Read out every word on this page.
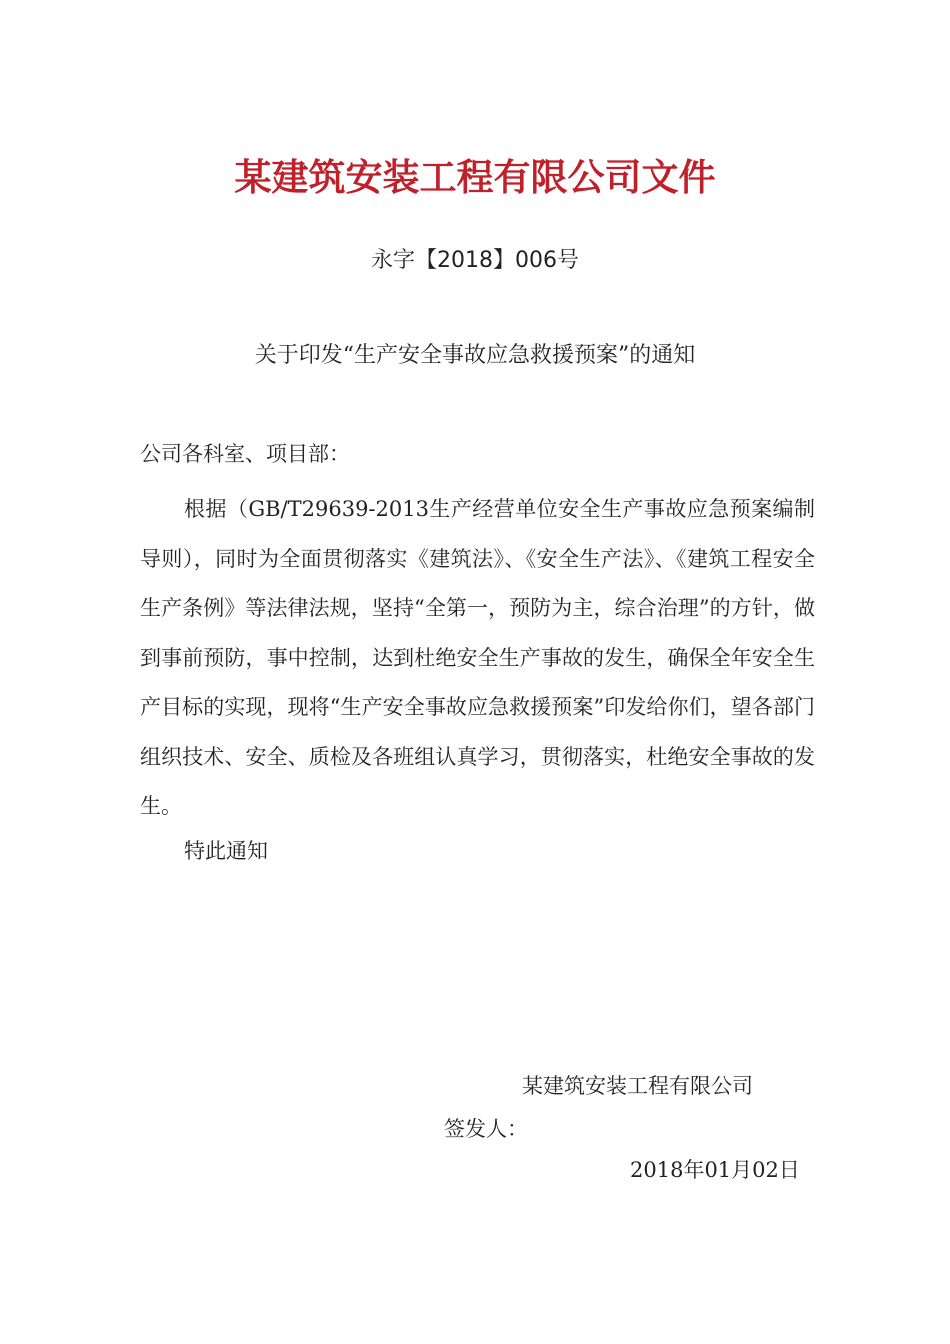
某建筑安装工程有限公司文件
永字【2018】006号
关于印发“生产安全事故应急救援预案”的通知
公司各科室、项目部：

根据（GB/T29639-2013生产经营单位安全生产事故应急预案编制导则），同时为全面贯彻落实《建筑法》、《安全生产法》、《建筑工程安全生产条例》等法律法规，坚持“全第一，预防为主，综合治理”的方针，做到事前预防，事中控制，达到杜绝安全生产事故的发生，确保全年安全生产目标的实现，现将“生产安全事故应急救援预案”印发给你们，望各部门组织技术、安全、质检及各班组认真学习，贯彻落实，杜绝安全事故的发生。

特此通知
某建筑安装工程有限公司
签发人：
2018年01月02日
